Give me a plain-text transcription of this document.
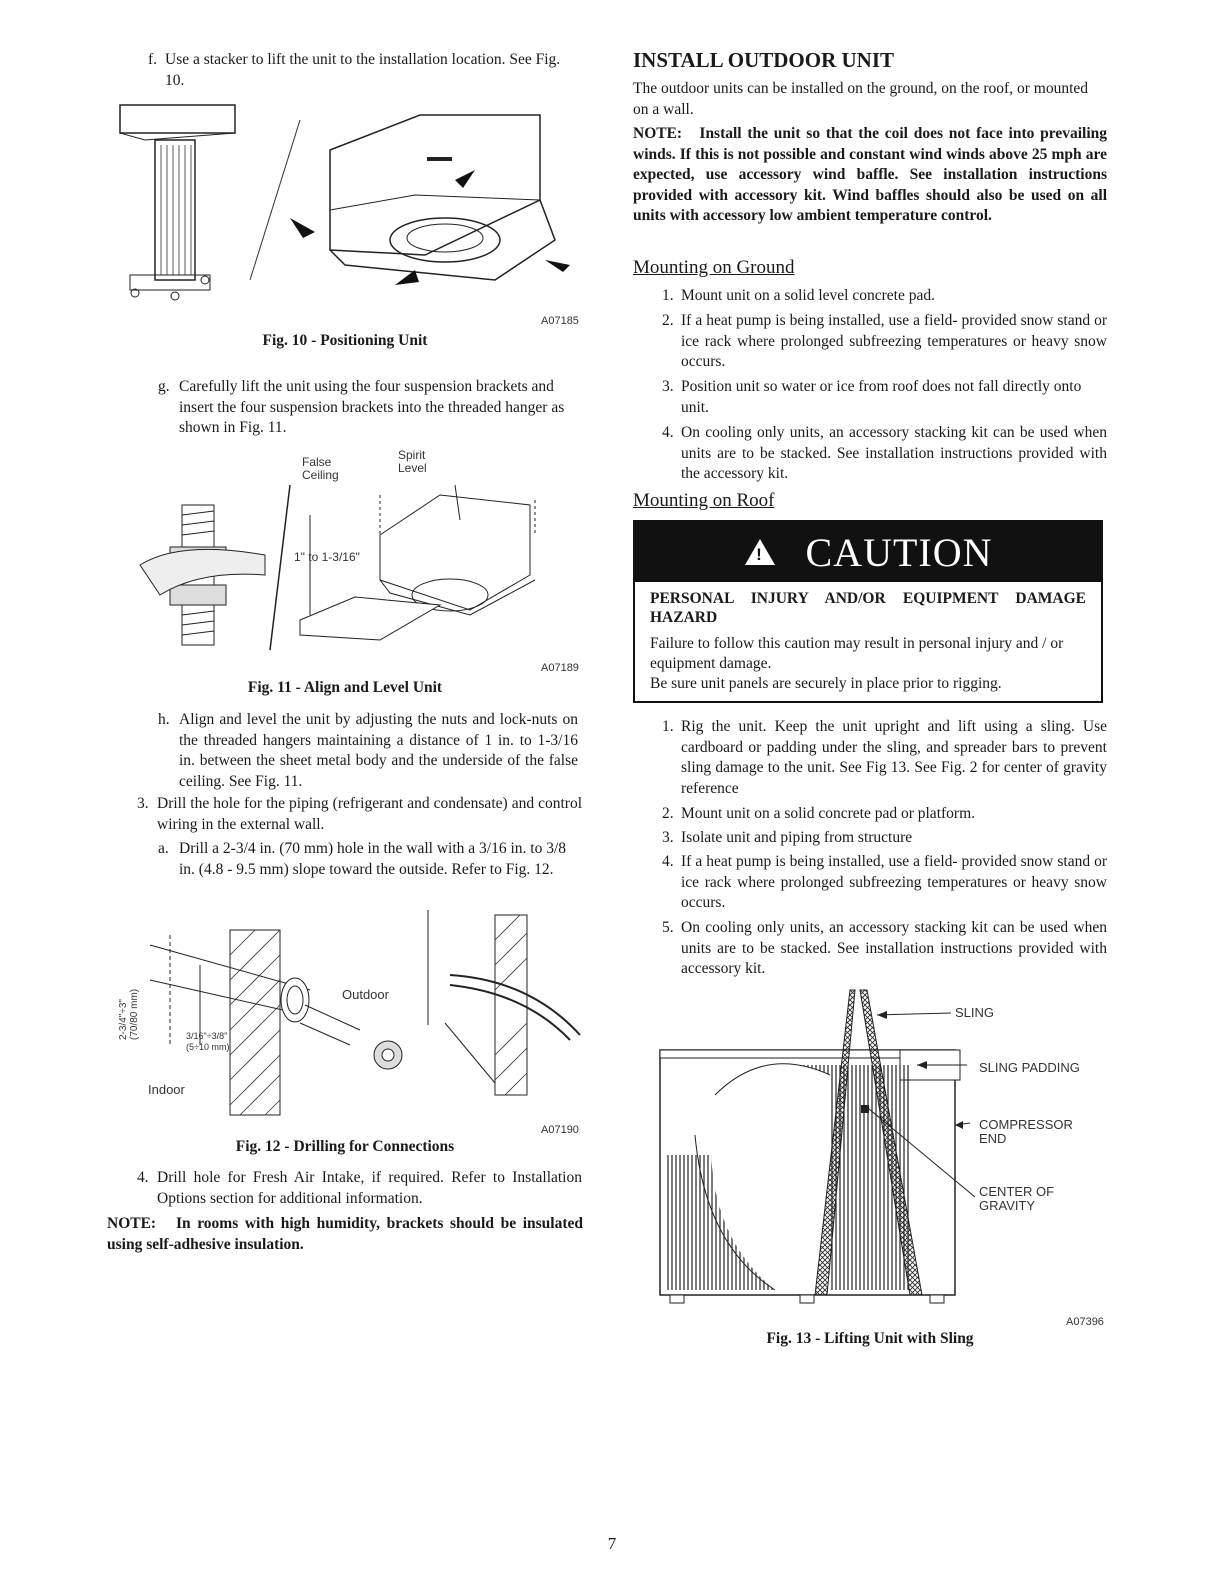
f. Use a stacker to lift the unit to the installation location. See Fig. 10.
A07185
Fig. 10 - Positioning Unit
g. Carefully lift the unit using the four suspension brackets and insert the four suspension brackets into the threaded hanger as shown in Fig. 11.
False
Ceiling
Spirit
Level
1" to 1-3/16"
A07189
Fig. 11 - Align and Level Unit
h. Align and level the unit by adjusting the nuts and lock-nuts on the threaded hangers maintaining a distance of 1 in. to 1-3/16 in. between the sheet metal body and the underside of the false ceiling. See Fig. 11.
3. Drill the hole for the piping (refrigerant and condensate) and control wiring in the external wall.
a. Drill a 2-3/4 in. (70 mm) hole in the wall with a 3/16 in. to 3/8 in. (4.8 - 9.5 mm) slope toward the outside. Refer to Fig. 12.
Outdoor
Indoor
2-3/4"÷3" (70/80 mm)	3/16"÷3/8"
(5÷10 mm)
A07190
Fig. 12 - Drilling for Connections
4. Drill hole for Fresh Air Intake, if required. Refer to Installation Options section for additional information.
NOTE: In rooms with high humidity, brackets should be insulated using self-adhesive insulation.
INSTALL OUTDOOR UNIT
The outdoor units can be installed on the ground, on the roof, or mounted on a wall.
NOTE: Install the unit so that the coil does not face into prevailing winds. If this is not possible and constant wind winds above 25 mph are expected, use accessory wind baffle. See installation instructions provided with accessory kit. Wind baffles should also be used on all units with accessory low ambient temperature control.
Mounting on Ground
1. Mount unit on a solid level concrete pad.
2. If a heat pump is being installed, use a field- provided snow stand or ice rack where prolonged subfreezing temperatures or heavy snow occurs.
3. Position unit so water or ice from roof does not fall directly onto unit.
4. On cooling only units, an accessory stacking kit can be used when units are to be stacked. See installation instructions provided with the accessory kit.
Mounting on Roof
!	CAUTION
PERSONAL INJURY AND/OR EQUIPMENT DAMAGE HAZARD
Failure to follow this caution may result in personal injury and / or equipment damage.
Be sure unit panels are securely in place prior to rigging.
1. Rig the unit. Keep the unit upright and lift using a sling. Use cardboard or padding under the sling, and spreader bars to prevent sling damage to the unit. See Fig 13. See Fig. 2 for center of gravity reference
2. Mount unit on a solid concrete pad or platform.
3. Isolate unit and piping from structure
4. If a heat pump is being installed, use a field- provided snow stand or ice rack where prolonged subfreezing temperatures or heavy snow occurs.
5. On cooling only units, an accessory stacking kit can be used when units are to be stacked. See installation instructions provided with accessory kit.
SLING
SLING PADDING
COMPRESSOR
END
CENTER OF
GRAVITY
A07396
Fig. 13 - Lifting Unit with Sling
7
